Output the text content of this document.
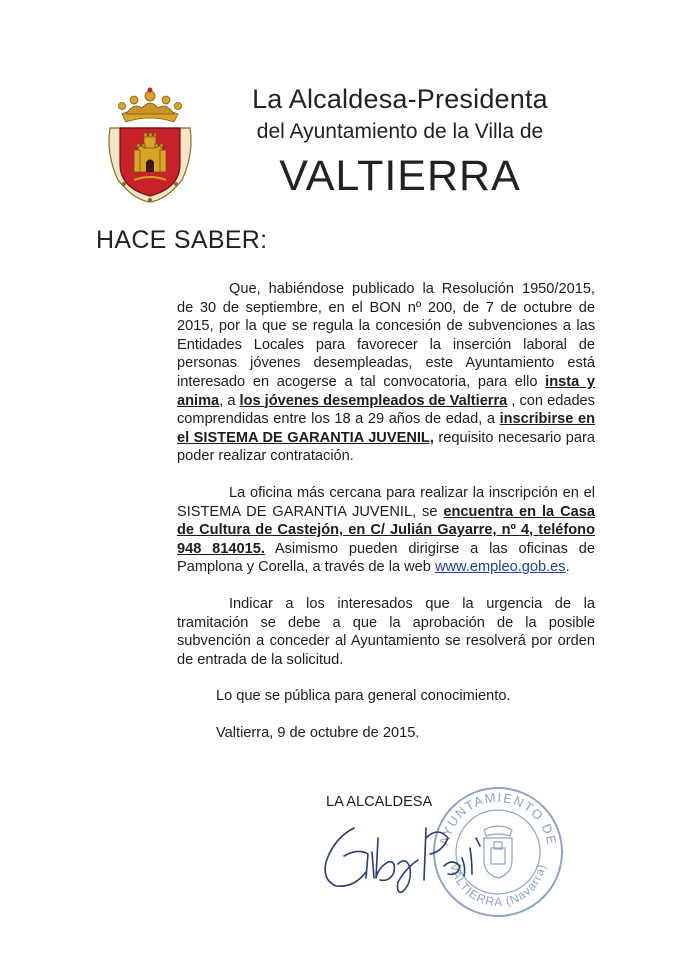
La Alcaldesa-Presidenta
del Ayuntamiento de la Villa de
VALTIERRA
HACE SABER:

Que, habiéndose publicado la Resolución 1950/2015, de 30 de septiembre, en el BON nº 200, de 7 de octubre de 2015, por la que se regula la concesión de subvenciones a las Entidades Locales para favorecer la inserción laboral de personas jóvenes desempleadas, este Ayuntamiento está interesado en acogerse a tal convocatoria, para ello insta y anima, a los jóvenes desempleados de Valtierra , con edades comprendidas entre los 18 a 29 años de edad, a inscribirse en el SISTEMA DE GARANTIA JUVENIL, requisito necesario para poder realizar contratación.

La oficina más cercana para realizar la inscripción en el SISTEMA DE GARANTIA JUVENIL, se encuentra en la Casa de Cultura de Castejón, en C/ Julián Gayarre, nº 4, teléfono 948 814015. Asimismo pueden dirigirse a las oficinas de Pamplona y Corella, a través de la web www.empleo.gob.es.

Indicar a los interesados que la urgencia de la tramitación se debe a que la aprobación de la posible subvención a conceder al Ayuntamiento se resolverá por orden de entrada de la solicitud.

Lo que se pública para general conocimiento.

Valtierra, 9 de octubre de 2015.

AYUNTAMIENTO DE
VALTIERRA (Navarra)
LA ALCALDESA
